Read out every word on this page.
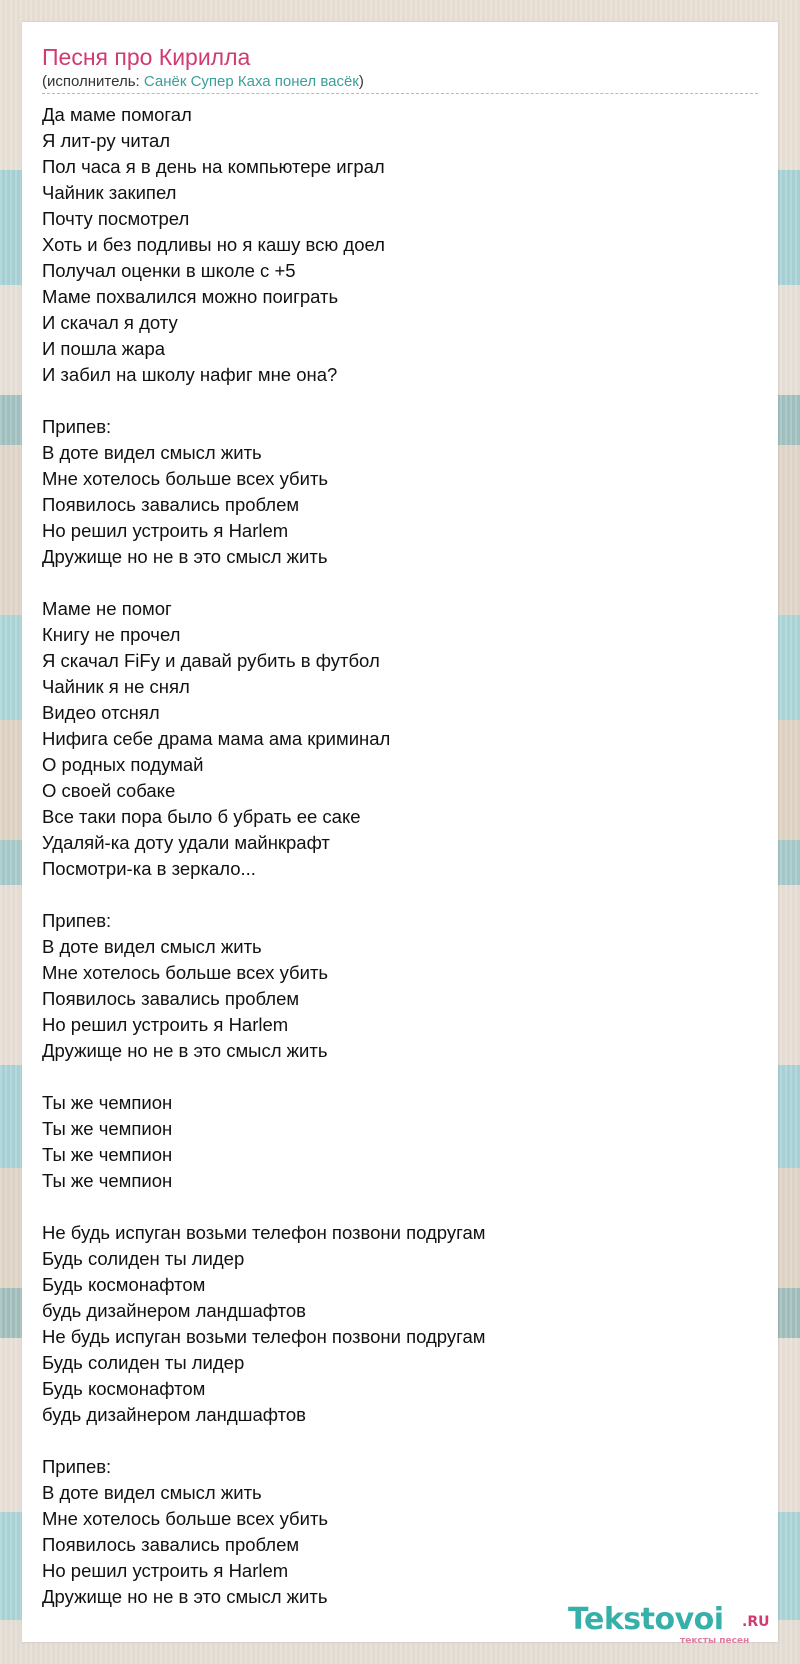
Песня про Кирилла
(исполнитель: Санёк Супер Каха понел васёк)
Да маме помогал
Я лит-ру читал
Пол часа я в день на компьютере играл
Чайник закипел
Почту посмотрел
Хоть и без подливы но я кашу всю доел
Получал оценки в школе с +5
Маме похвалился можно поиграть
И скачал я доту
И пошла жара
И забил на школу нафиг мне она?
Припев:
В доте видел смысл жить
Мне хотелось больше всех убить
Появилось завались проблем
Но решил устроить я Harlem
Дружище но не в это смысл жить
Маме не помог
Книгу не прочел
Я скачал FiFy и давай рубить в футбол
Чайник я не снял
Видео отснял
Нифига себе драма мама ама криминал
О родных подумай
О своей собаке
Все таки пора было б убрать ее саке
Удаляй-ка доту удали майнкрафт
Посмотри-ка в зеркало...
Припев:
В доте видел смысл жить
Мне хотелось больше всех убить
Появилось завались проблем
Но решил устроить я Harlem
Дружище но не в это смысл жить
Ты же чемпион
Ты же чемпион
Ты же чемпион
Ты же чемпион
Не будь испуган возьми телефон позвони подругам
Будь солиден ты лидер
Будь космонафтом
будь дизайнером ландшафтов
Не будь испуган возьми телефон позвони подругам
Будь солиден ты лидер
Будь космонафтом
будь дизайнером ландшафтов
Припев:
В доте видел смысл жить
Мне хотелось больше всех убить
Появилось завались проблем
Но решил устроить я Harlem
Дружище но не в это смысл жить
Tekstovoi .RU
тексты песен
